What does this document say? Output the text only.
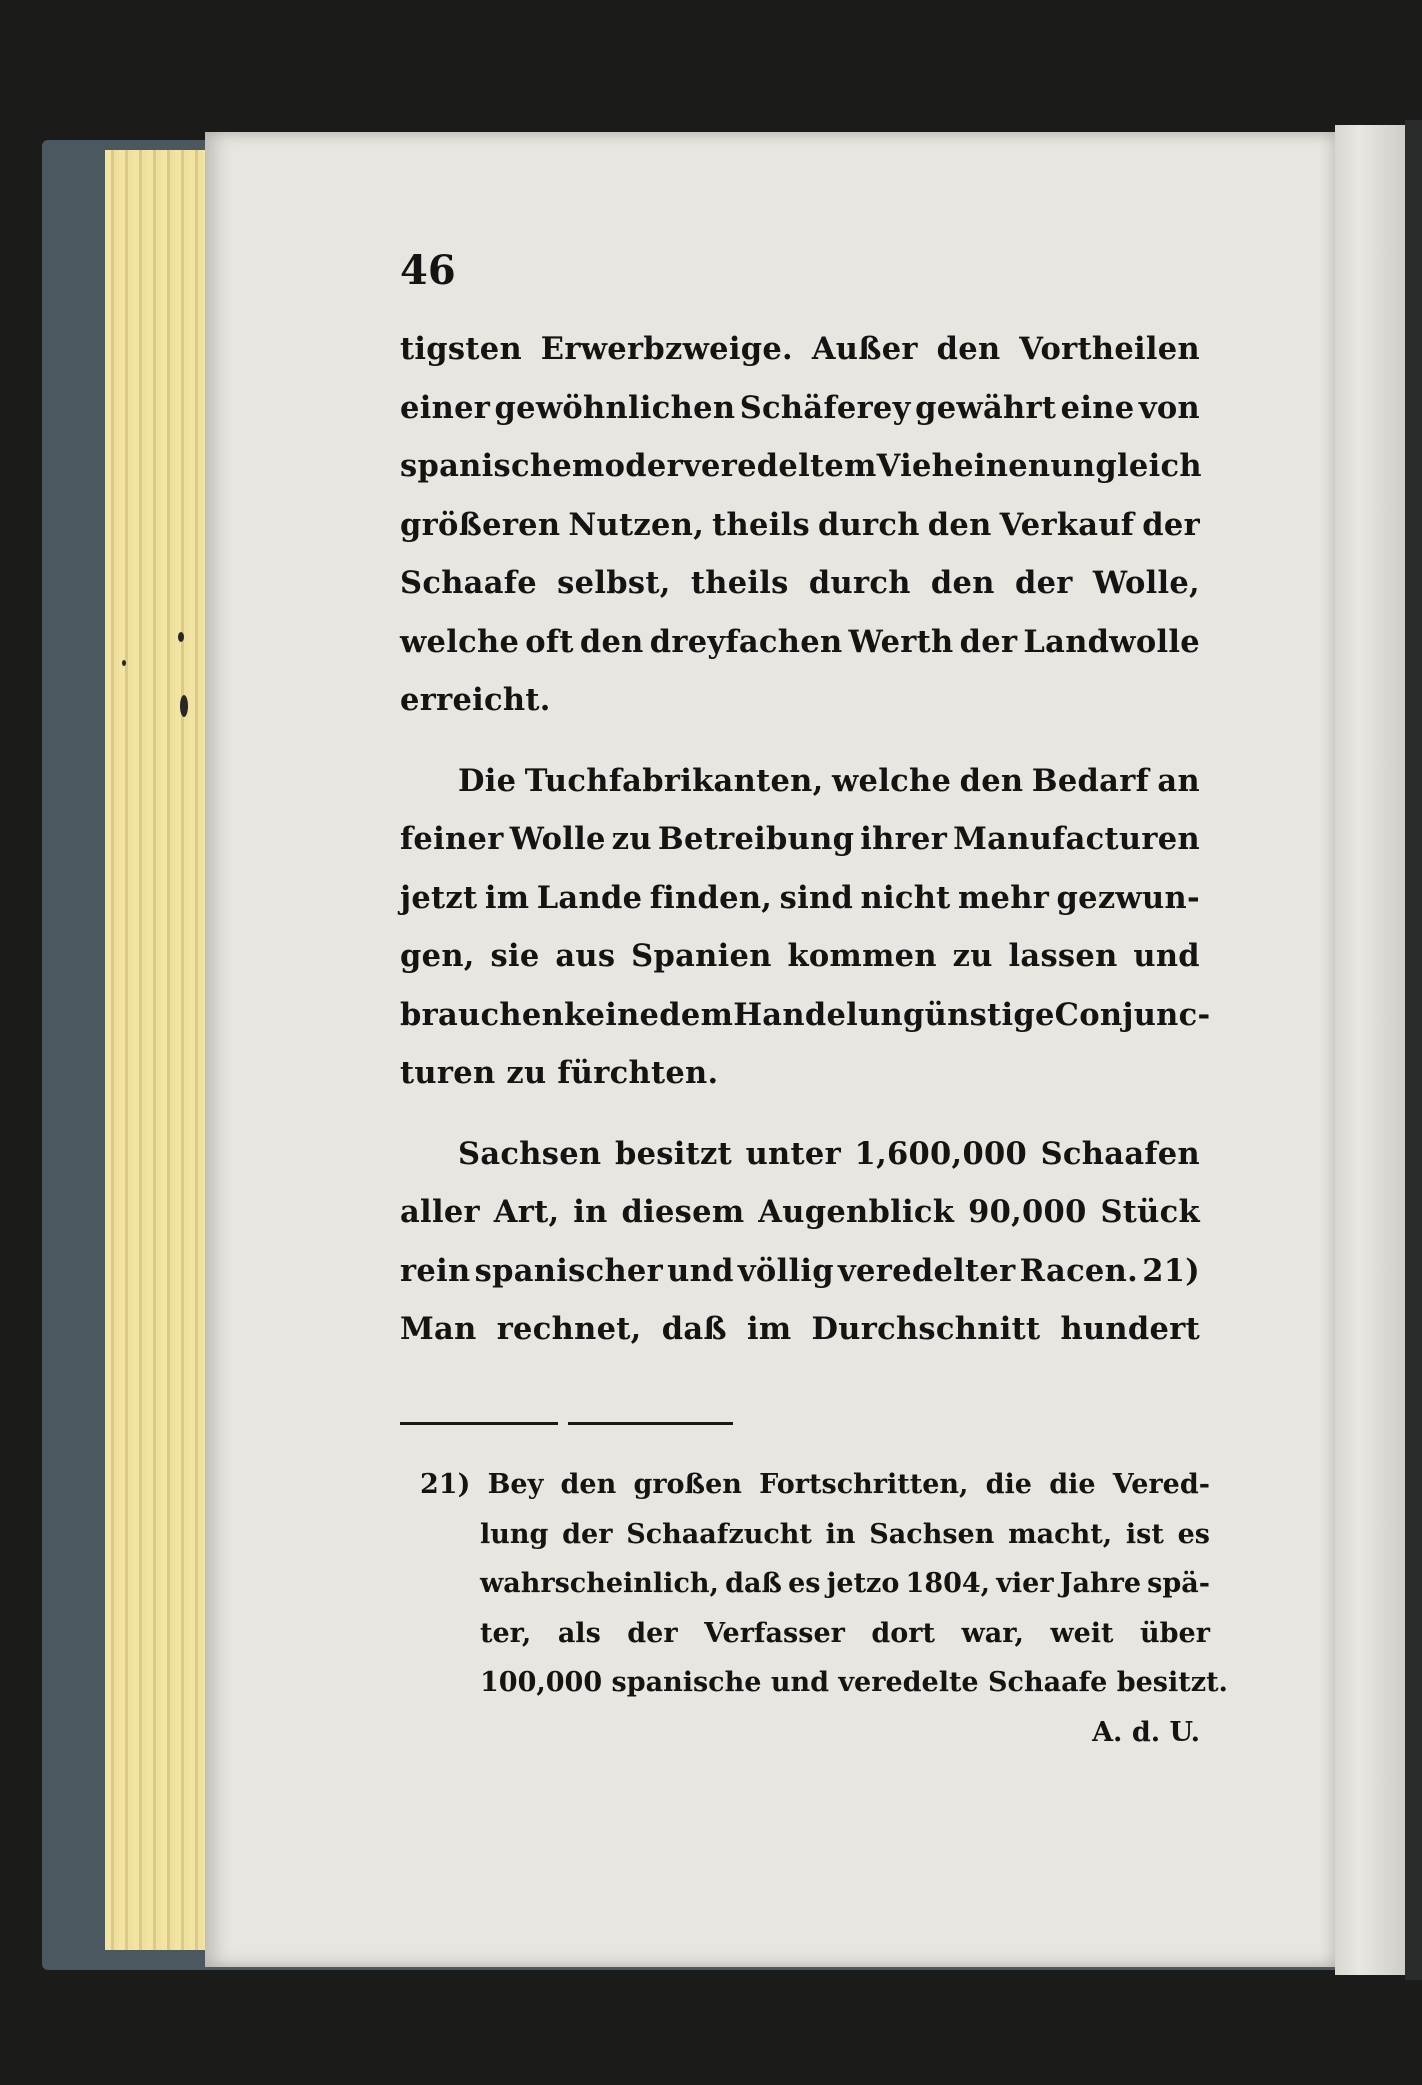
46
tigsten Erwerbzweige. Außer den Vortheilen
einer gewöhnlichen Schäferey gewährt eine von
spanischem oder veredeltem Vieh einen ungleich
größeren Nutzen, theils durch den Verkauf der
Schaafe selbst, theils durch den der Wolle,
welche oft den dreyfachen Werth der Landwolle
erreicht.
Die Tuchfabrikanten, welche den Bedarf an
feiner Wolle zu Betreibung ihrer Manufacturen
jetzt im Lande finden, sind nicht mehr gezwun-
gen, sie aus Spanien kommen zu lassen und
brauchen keine dem Handel ungünstige Conjunc-
turen zu fürchten.
Sachsen besitzt unter 1,600,000 Schaafen
aller Art, in diesem Augenblick 90,000 Stück
rein spanischer und völlig veredelter Racen. 21)
Man rechnet, daß im Durchschnitt hundert
21) Bey den großen Fortschritten, die die Vered-
lung der Schaafzucht in Sachsen macht, ist es
wahrscheinlich, daß es jetzo 1804, vier Jahre spä-
ter, als der Verfasser dort war, weit über
100,000 spanische und veredelte Schaafe besitzt.
A. d. U.
